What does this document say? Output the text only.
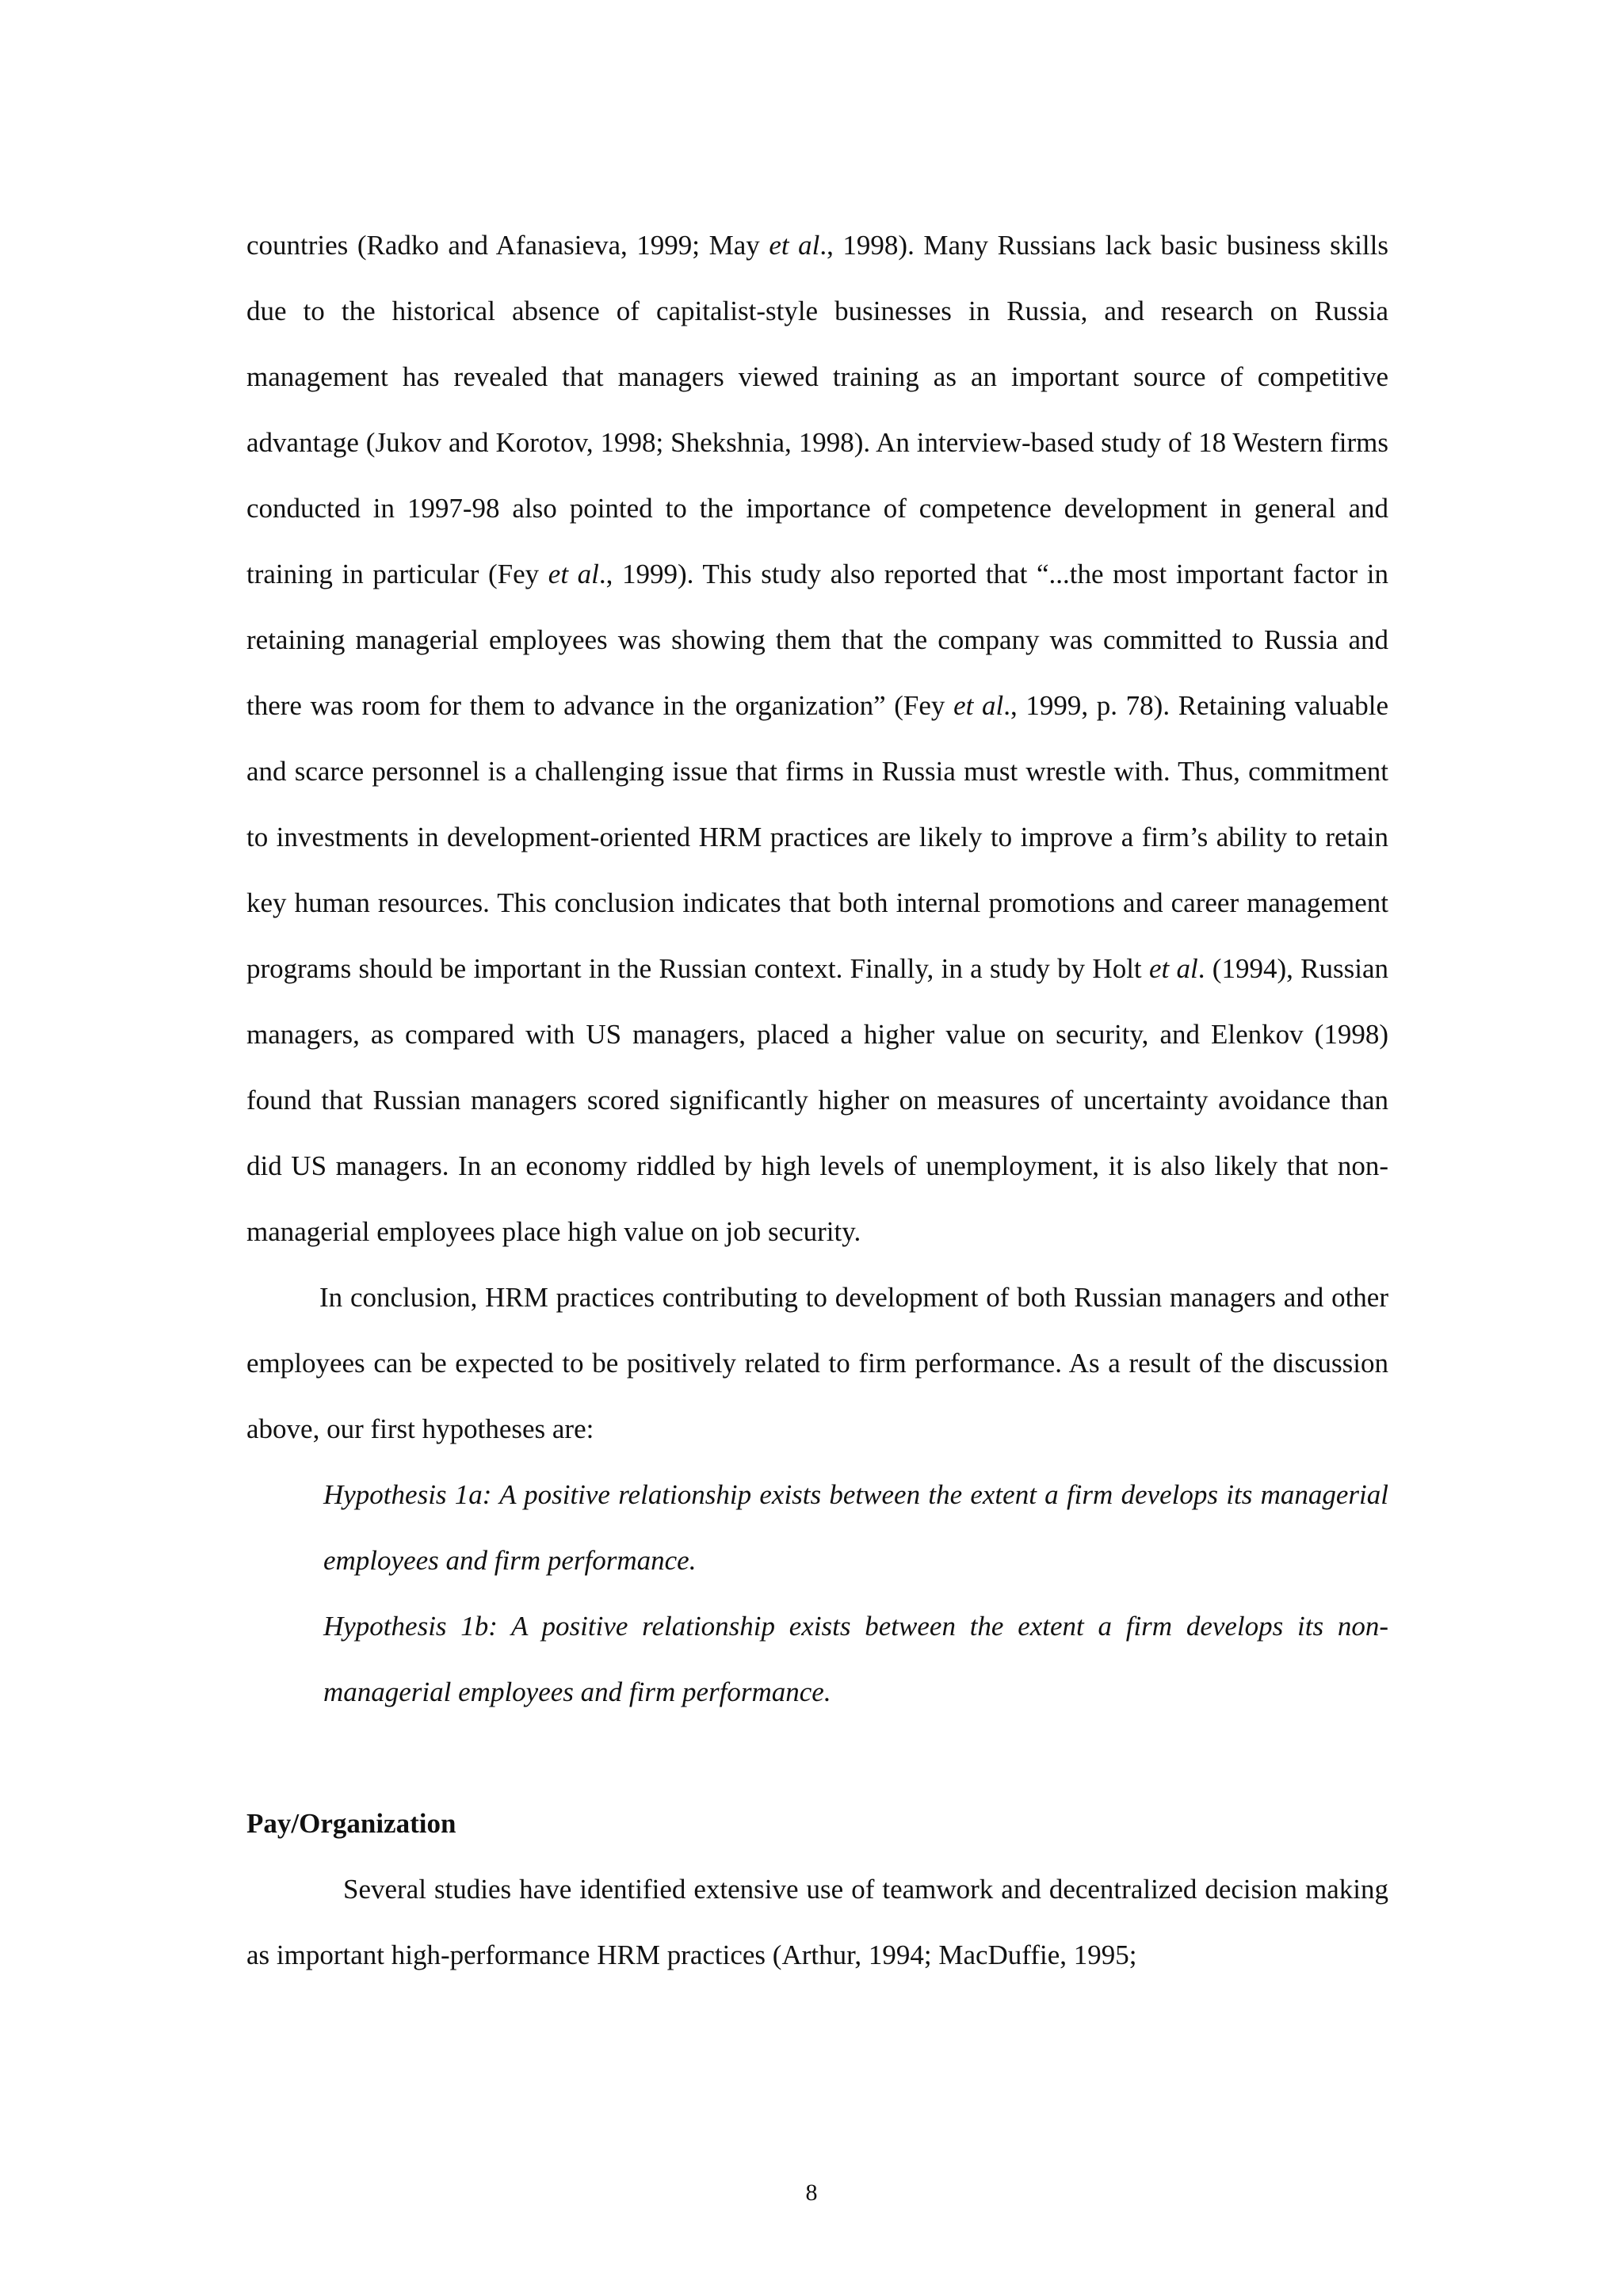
countries (Radko and Afanasieva, 1999; May et al., 1998). Many Russians lack basic business skills due to the historical absence of capitalist-style businesses in Russia, and research on Russia management has revealed that managers viewed training as an important source of competitive advantage (Jukov and Korotov, 1998; Shekshnia, 1998). An interview-based study of 18 Western firms conducted in 1997-98 also pointed to the importance of competence development in general and training in particular (Fey et al., 1999). This study also reported that “...the most important factor in retaining managerial employees was showing them that the company was committed to Russia and there was room for them to advance in the organization” (Fey et al., 1999, p. 78). Retaining valuable and scarce personnel is a challenging issue that firms in Russia must wrestle with. Thus, commitment to investments in development-oriented HRM practices are likely to improve a firm’s ability to retain key human resources. This conclusion indicates that both internal promotions and career management programs should be important in the Russian context. Finally, in a study by Holt et al. (1994), Russian managers, as compared with US managers, placed a higher value on security, and Elenkov (1998) found that Russian managers scored significantly higher on measures of uncertainty avoidance than did US managers. In an economy riddled by high levels of unemployment, it is also likely that non-managerial employees place high value on job security.

In conclusion, HRM practices contributing to development of both Russian managers and other employees can be expected to be positively related to firm performance. As a result of the discussion above, our first hypotheses are:

Hypothesis 1a: A positive relationship exists between the extent a firm develops its managerial employees and firm performance.

Hypothesis 1b: A positive relationship exists between the extent a firm develops its non-managerial employees and firm performance.

Pay/Organization

Several studies have identified extensive use of teamwork and decentralized decision making as important high-performance HRM practices (Arthur, 1994; MacDuffie, 1995;

8
